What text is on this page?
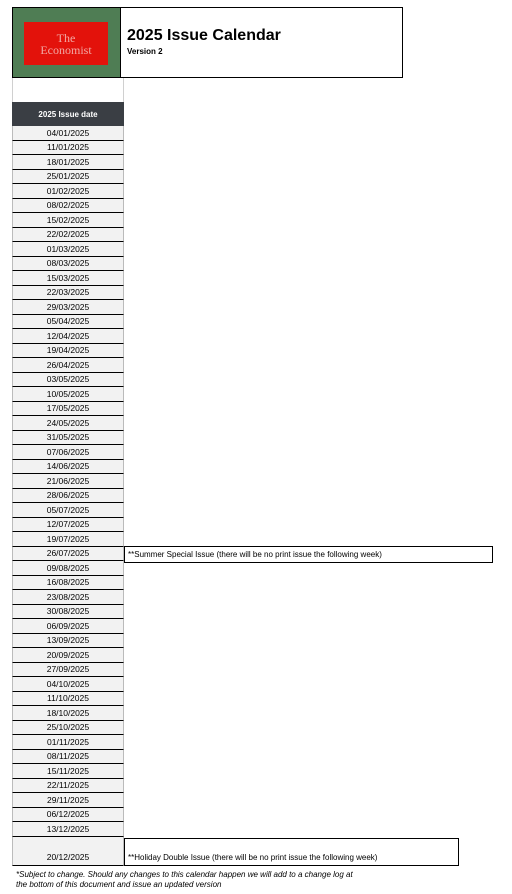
The
Economist
2025 Issue Calendar
Version 2
2025 Issue date
04/01/2025
11/01/2025
18/01/2025
25/01/2025
01/02/2025
08/02/2025
15/02/2025
22/02/2025
01/03/2025
08/03/2025
15/03/2025
22/03/2025
29/03/2025
05/04/2025
12/04/2025
19/04/2025
26/04/2025
03/05/2025
10/05/2025
17/05/2025
24/05/2025
31/05/2025
07/06/2025
14/06/2025
21/06/2025
28/06/2025
05/07/2025
12/07/2025
19/07/2025
26/07/2025
09/08/2025
16/08/2025
23/08/2025
30/08/2025
06/09/2025
13/09/2025
20/09/2025
27/09/2025
04/10/2025
11/10/2025
18/10/2025
25/10/2025
01/11/2025
08/11/2025
15/11/2025
22/11/2025
29/11/2025
06/12/2025
13/12/2025
20/12/2025
**Summer Special Issue (there will be no print issue the following week)
**Holiday Double Issue (there will be no print issue the following week)
*Subject to change. Should any changes to this calendar happen we will add to a change log at
the bottom of this document and issue an updated version
